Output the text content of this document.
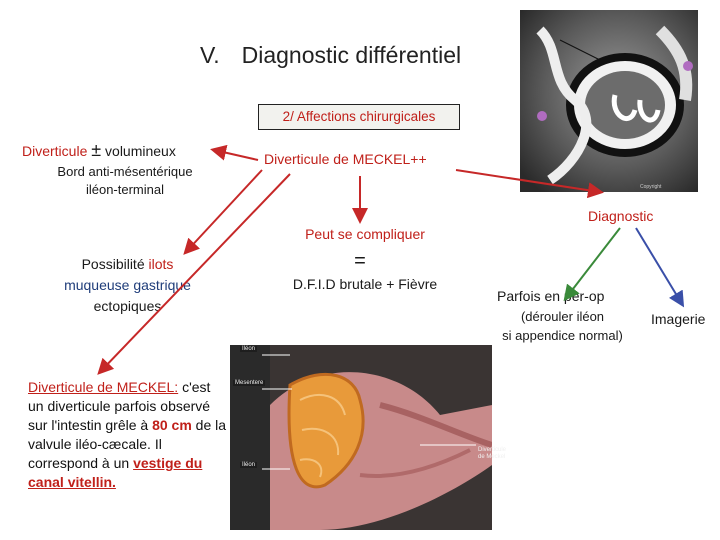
V. Diagnostic différentiel
2/ Affections chirurgicales
Copyright
Diverticule ± volumineux
Bord anti-mésentérique
iléon-terminal
Diverticule de MECKEL++
Peut se compliquer
=
D.F.I.D brutale + Fièvre
Possibilité ilots
muqueuse gastrique
ectopiques
Diagnostic
Parfois en per-op
(dérouler iléon
si appendice normal)
Imagerie
Diverticule de MECKEL: c'est un diverticule parfois observé sur l'intestin grêle à 80 cm de la valvule iléo-cæcale. Il correspond à un vestige du canal vitellin.
Iléon
Mesentere
Iléon
Diverticule de Meckel
